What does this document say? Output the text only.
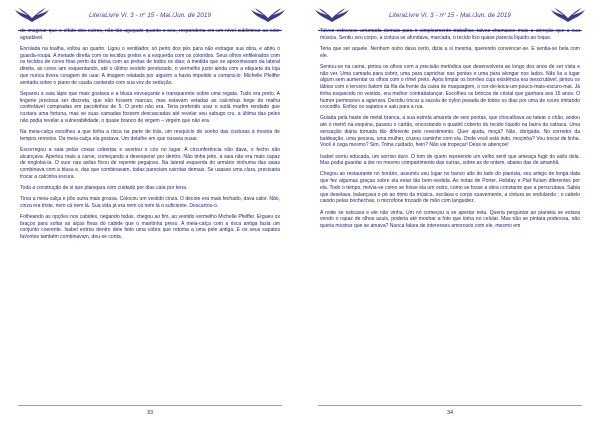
LiteraLivre Vl. 3 - nº 15 - Mai./Jun. de 2019

de imaginar que o olfato dos outros, não tão aguçado quanto o seu, responderia em um nível subliminar ao odor agradável.

Enrolada na toalha, voltou ao quarto. Ligou o ventilador, só perto dos pés para não estragar sua obra, e abriu o guarda-roupa. A metade direita com os tecidos pretos e a esquerda com os coloridos. Seus olhos enfileirados com os tecidos de cores frias perto da divisa com as pretas de todos os dias; à medida que se aproximavam da lateral direita, as cores iam esquentando, até o último vestido pendurado, o vermelho justo ainda com a etiqueta da loja que nunca tivera coragem de usar. A imagem relatada por alguém a havia impelido a comprá-lo: Michelle Pfeiffer sentada sobre o piano de cauda cantando com sua voz de sedução.

Separou a saia lápis que mais gostava e a blusa esvoaçante e transparente sobre uma regata. Tudo era preto. A lingerie preciosa ser discreta, que não fossem marcas, mas estavam vetadas as calcinhas bege de malha confortável compradas em pacotinhos de 5. O preto não era. Teria preferido usar o sutiã marfim rendado que custara uma fortuna, mas se suas camadas fossem descascadas até revelar seu sabugo cru, a última das peles não podia revelar a vulnerabilidade, o quase branco de virgem – virgem que não era.

Na meia-calça escolheu a que tinha a risca na parte de trás, um resquício do sonho das costuras à mostra de tempos remotos. Da meia-calça ela gostava. Um detalhe em que ousava ousar.

Escorregou a saia pelas coxas cobertas e acertou o cós no lugar. A circunferência não dava, o fecho não alcançava. Apertou mais a carne, começando a desesperar por dentro. Não tinha jeito, a saia não era mais capaz de englobá-la. O suor nas axilas ficou de repente pegajoso. Na lateral esquerda do armário ninhuma das saias combinava com a blusa e, das que combinavam, todas pareciam cairotas demais. Se usasse uma clara, precisaria trocar a calcinha escura.

Toda a construção de si que planejara com cuidado por dias caía por terra.

Tirou a meia-calça e pôs outra mais grossa. Colocou um vestido cinza. O decote era mais fechado, dava calor. Não, cinza era triste, nem cá nem lá. Sua vida já era nem cá nem lá o suficiente. Descartou-o.

Folheando as opções nos cabides, negando todas, chegou ao fim, ao vestido vermelho Michelle Pfeiffer. Ergueu os braços para soltar as alças finas do cabide que o mantinha preso. A meia-calça com a risca antiga fazia um conjunto coerente. Isabel entrou dentro dele feito uma cobra que retoma a uma pele antiga. E os seus sapatos favoritos também combinavam, deu-se conta.

33
LiteraLivre Vl. 3 - nº 15 - Mai./Jun. de 2019

Talvez estivesse arrumada demais para ir simplesmente trabalhar, talvez chamasse mais a atenção que a sua música. Sentiu seu corpo, a cintura se afundava, marcada, o tecido liso quase parecia líquido ao toque.

Teria que ser aquele. Nenhum outro dava certo, dizia a si mesma, querendo convencer-se. E sentia-se bela com ele.

Sentou-se na cama, pintou os olhos com a precisão metódica que desenvolvera ao longo dos anos de ser vista e não ver. Uma camada para cobrir, uma para caprichar nas pontas e uma para alongar nos lados. Não lia a lugar algum sem aumentar os olhos com o rímel preto. Após limpar os borrões cuja existência era inescrutável, pintou os lábios com o terceiro batom da fila da frente da caixa de maquiagem, o cor-de-boca-um-pouco-mais-escuro-mat. Já tinha esquecido no vestido, era melhor contrabalançar. Escolheu os brincos de cristal que ganhara aos 15 anos. O humor permissivo a agarrara. Decidiu trocar a sacola de nylon pesada de todos os dias por uma de couro imitando crocodilo. Enfiou os sapatos e saiu para a rua.

Guiada pela haste de metal branca, a sua estrela amarela de seis pontas, que chocalhava ao tatear o chão, andou até o metrô na esquina, passou o cartão, encostando o quadril coberto do tecido líquido na barra da catraca. Uma sensação diária tornada tão diferente pelo revestimento. Quer ajuda, moça? Não, obrigada. No corredor da baldeação, uma pessoa, uma mulher, cruzou caminho com ela. Onde você está indo, moçinha? Vou trocar de linha. Você é cega mesmo? Sim. Toma cuidado, hein? Não vai tropeçar! Deus te abençoe!

Isabel sorriu educada, um sorriso duro. O tom de quem repreende um velho senil que ameaça fugir do asilo dela. Mas podia guardar a dor no mesmo compartimento das outras, sobre as de ontem, abaixo das de amanhã.

Chegou ao restaurante no horário, assumiu seu lugar no banco alto do lado do pianista, seu amigo de longa data que fez algumas graças sobre ela estar tão bem-vestida. As notas de Porter, Holiday e Piaf fluíam diferentes por ela. Todo o tempo, movia-se como se fosse ela um outro, como se fosse a obra constante que a perscrutava. Sabia que deselava, balançava o pé ao ritmo da música, oscilava o corpo suavemente, a cintura se ondulando ; o cabelo caindo pelas bochechas, o microfone trocado de mão com languidez.

A noite se esticava e ele não vinha. Um nó começou a se apertar nela. Queria perguntar ao pianista se estava vendo o rapaz de olhos azuis, poderia até mostrar a foto que tinha no celular. Mas não se pintara poderosa, não queria mostrar que se amava? Nunca falara de interesses amorosos com ele, mesmo em

34
